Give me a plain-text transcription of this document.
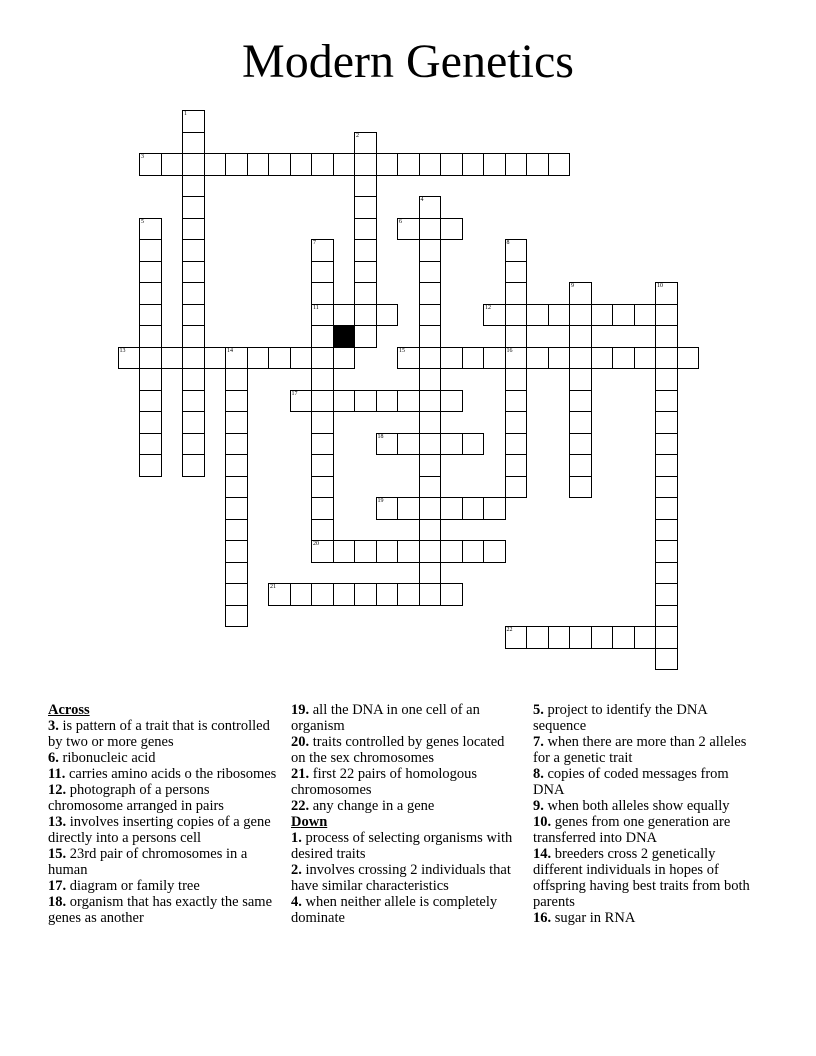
Modern Genetics
1
2
3
4
5	6
7
11
20
8
16
9	10
12
13	14	15
17
18
19
21
22
Across
3. is pattern of a trait that is controlled by two or more genes
6. ribonucleic acid
11. carries amino acids o the ribosomes
12. photograph of a persons chromosome arranged in pairs
13. involves inserting copies of a gene directly into a persons cell
15. 23rd pair of chromosomes in a human
17. diagram or family tree
18. organism that has exactly the same genes as another
19. all the DNA in one cell of an organism
20. traits controlled by genes located on the sex chromosomes
21. first 22 pairs of homologous chromosomes
22. any change in a gene
Down
1. process of selecting organisms with desired traits
2. involves crossing 2 individuals that have similar characteristics
4. when neither allele is completely dominate
5. project to identify the DNA sequence
7. when there are more than 2 alleles for a genetic trait
8. copies of coded messages from DNA
9. when both alleles show equally
10. genes from one generation are transferred into DNA
14. breeders cross 2 genetically different individuals in hopes of offspring having best traits from both parents
16. sugar in RNA
